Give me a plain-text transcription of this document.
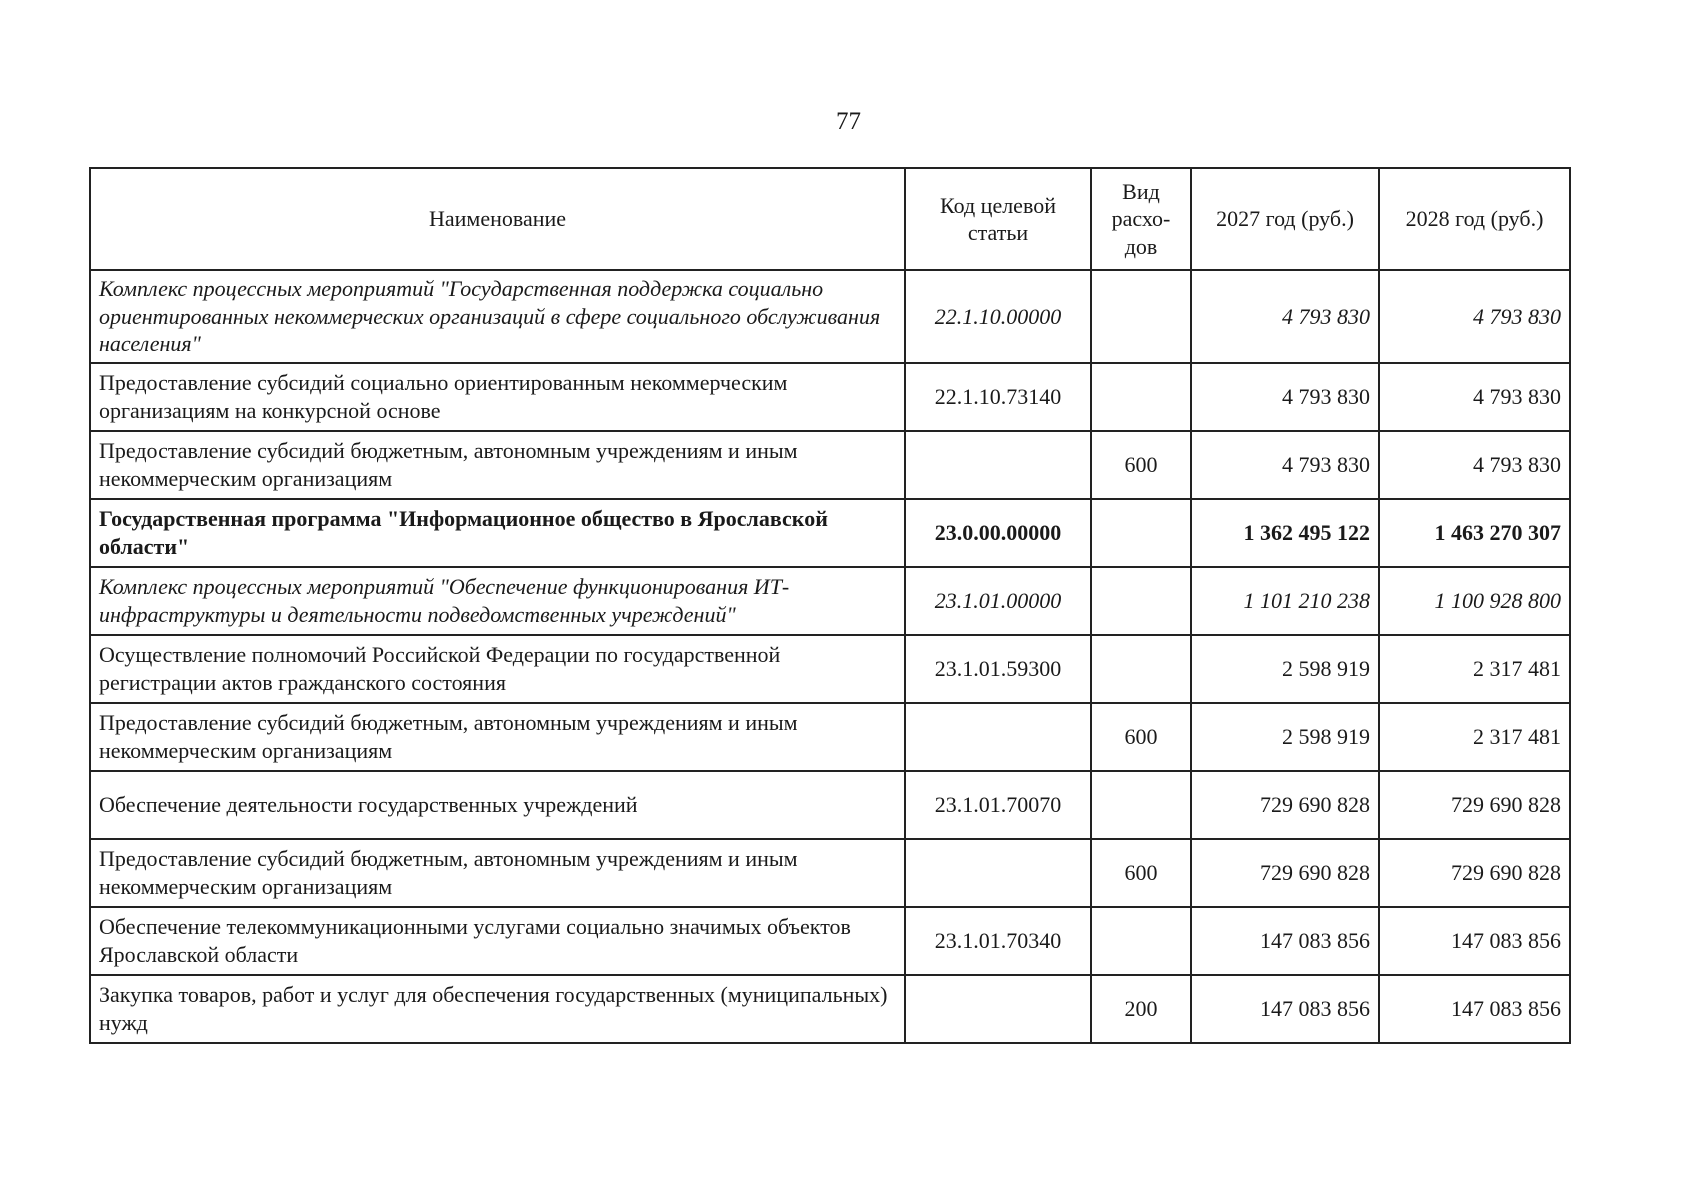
77
Наименование	Код целевой статьи	Вид расхо-дов	2027 год (руб.)	2028 год (руб.)
Комплекс процессных мероприятий "Государственная поддержка социально ориентированных некоммерческих организаций в сфере социального обслуживания населения"	22.1.10.00000		4 793 830	4 793 830
Предоставление субсидий социально ориентированным некоммерческим организациям на конкурсной основе	22.1.10.73140		4 793 830	4 793 830
Предоставление субсидий бюджетным, автономным учреждениям и иным некоммерческим организациям		600	4 793 830	4 793 830
Государственная программа "Информационное общество в Ярославской области"	23.0.00.00000		1 362 495 122	1 463 270 307
Комплекс процессных мероприятий "Обеспечение функционирования ИТ-инфраструктуры и деятельности подведомственных учреждений"	23.1.01.00000		1 101 210 238	1 100 928 800
Осуществление полномочий Российской Федерации по государственной регистрации актов гражданского состояния	23.1.01.59300		2 598 919	2 317 481
Предоставление субсидий бюджетным, автономным учреждениям и иным некоммерческим организациям		600	2 598 919	2 317 481
Обеспечение деятельности государственных учреждений	23.1.01.70070		729 690 828	729 690 828
Предоставление субсидий бюджетным, автономным учреждениям и иным некоммерческим организациям		600	729 690 828	729 690 828
Обеспечение телекоммуникационными услугами социально значимых объектов Ярославской области	23.1.01.70340		147 083 856	147 083 856
Закупка товаров, работ и услуг для обеспечения государственных (муниципальных) нужд		200	147 083 856	147 083 856
